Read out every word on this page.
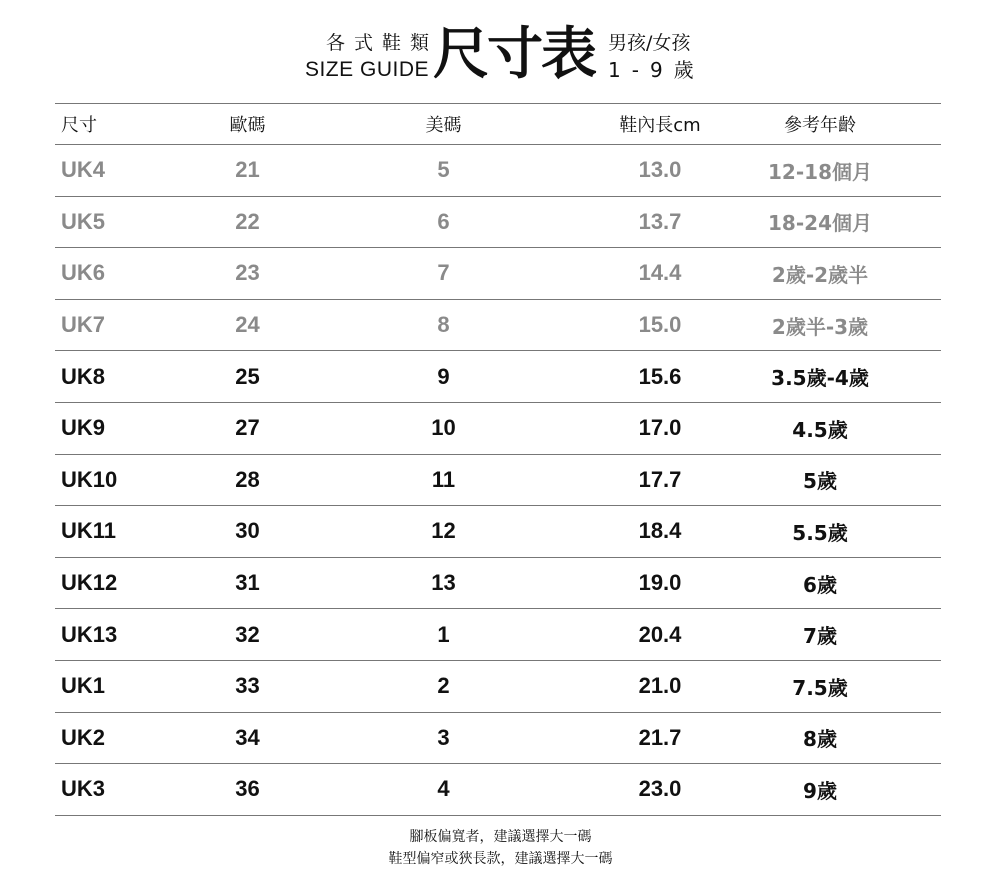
各式鞋類
SIZE GUIDE 尺寸表 男孩/女孩
1-9歲
尺寸	歐碼	美碼	鞋內長cm	參考年齡
UK4	21	5	13.0	12-18個月
UK5	22	6	13.7	18-24個月
UK6	23	7	14.4	2歲-2歲半
UK7	24	8	15.0	2歲半-3歲
UK8	25	9	15.6	3.5歲-4歲
UK9	27	10	17.0	4.5歲
UK10	28	11	17.7	5歲
UK11	30	12	18.4	5.5歲
UK12	31	13	19.0	6歲
UK13	32	1	20.4	7歲
UK1	33	2	21.0	7.5歲
UK2	34	3	21.7	8歲
UK3	36	4	23.0	9歲
腳板偏寬者，建議選擇大一碼
鞋型偏窄或狹長款，建議選擇大一碼
